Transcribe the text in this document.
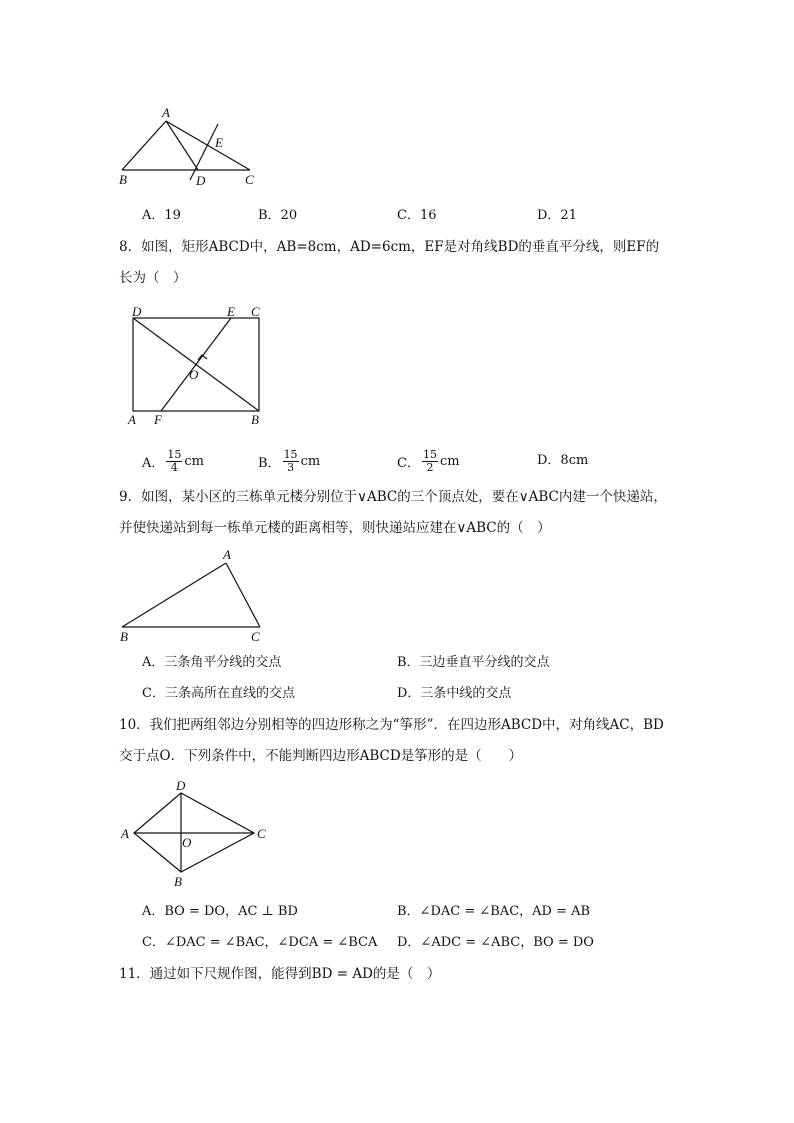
A
E
B	D	C
A．19	B．20	C．16	D．21
8．如图，矩形ABCD中，AB=8cm，AD=6cm，EF是对角线BD的垂直平分线，则EF的
长为（　）
D	E C
O
A F	B
A． $\frac{15}{4}$ cm	B． $\frac{15}{3}$ cm	C． $\frac{15}{2}$ cm	D．8cm
9．如图，某小区的三栋单元楼分别位于∨ABC的三个顶点处，要在∨ABC内建一个快递站，
并使快递站到每一栋单元楼的距离相等，则快递站应建在∨ABC的（　）
A
B	C
A．三条角平分线的交点	B．三边垂直平分线的交点
C．三条高所在直线的交点	D．三条中线的交点
10．我们把两组邻边分别相等的四边形称之为“筝形”．在四边形ABCD中，对角线AC，BD
交于点O．下列条件中，不能判断四边形ABCD是筝形的是（　　）
D
A	C
O
B
A．BO = DO，AC ⊥ BD	B．∠DAC = ∠BAC，AD = AB
C．∠DAC = ∠BAC，∠DCA = ∠BCA D．∠ADC = ∠ABC，BO = DO
11．通过如下尺规作图，能得到BD = AD的是（　）
